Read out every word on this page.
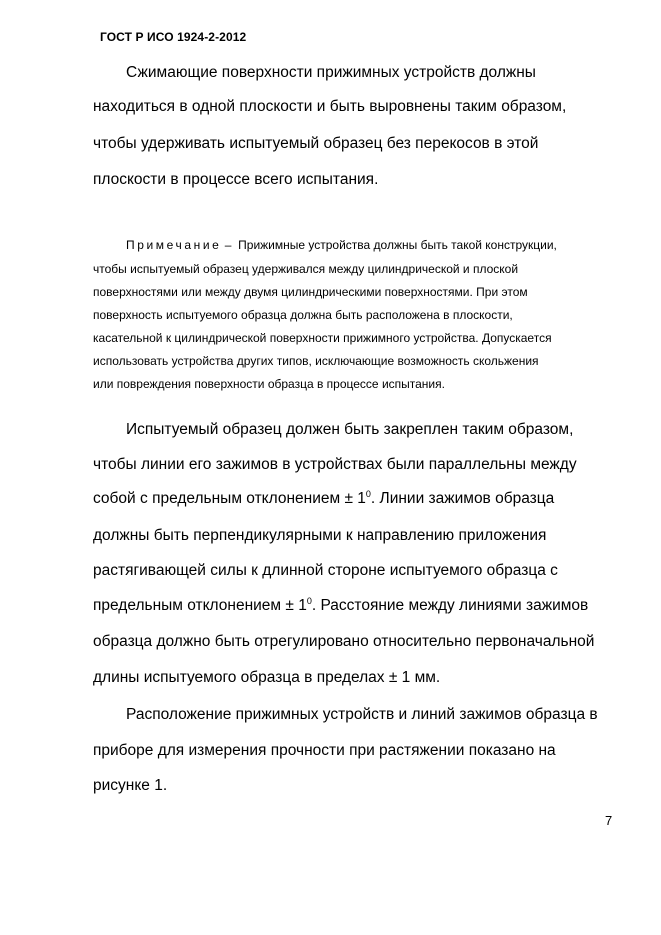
ГОСТ Р ИСО 1924-2-2012
Сжимающие поверхности прижимных устройств должны
находиться в одной плоскости и быть выровнены таким образом,
чтобы удерживать испытуемый образец без перекосов в этой
плоскости в процессе всего испытания.
Примечание – Прижимные устройства должны быть такой конструкции,
чтобы испытуемый образец удерживался между цилиндрической и плоской
поверхностями или между двумя цилиндрическими поверхностями. При этом
поверхность испытуемого образца должна быть расположена в плоскости,
касательной к цилиндрической поверхности прижимного устройства. Допускается
использовать устройства других типов, исключающие возможность скольжения
или повреждения поверхности образца в процессе испытания.
Испытуемый образец должен быть закреплен таким образом,
чтобы линии его зажимов в устройствах были параллельны между
собой с предельным отклонением ± $1^0$. Линии зажимов образца
должны быть перпендикулярными к направлению приложения
растягивающей силы к длинной стороне испытуемого образца с
предельным отклонением ± $1^0$. Расстояние между линиями зажимов
образца должно быть отрегулировано относительно первоначальной
длины испытуемого образца в пределах ± 1 мм.
Расположение прижимных устройств и линий зажимов образца в
приборе для измерения прочности при растяжении показано на
рисунке 1.
7
